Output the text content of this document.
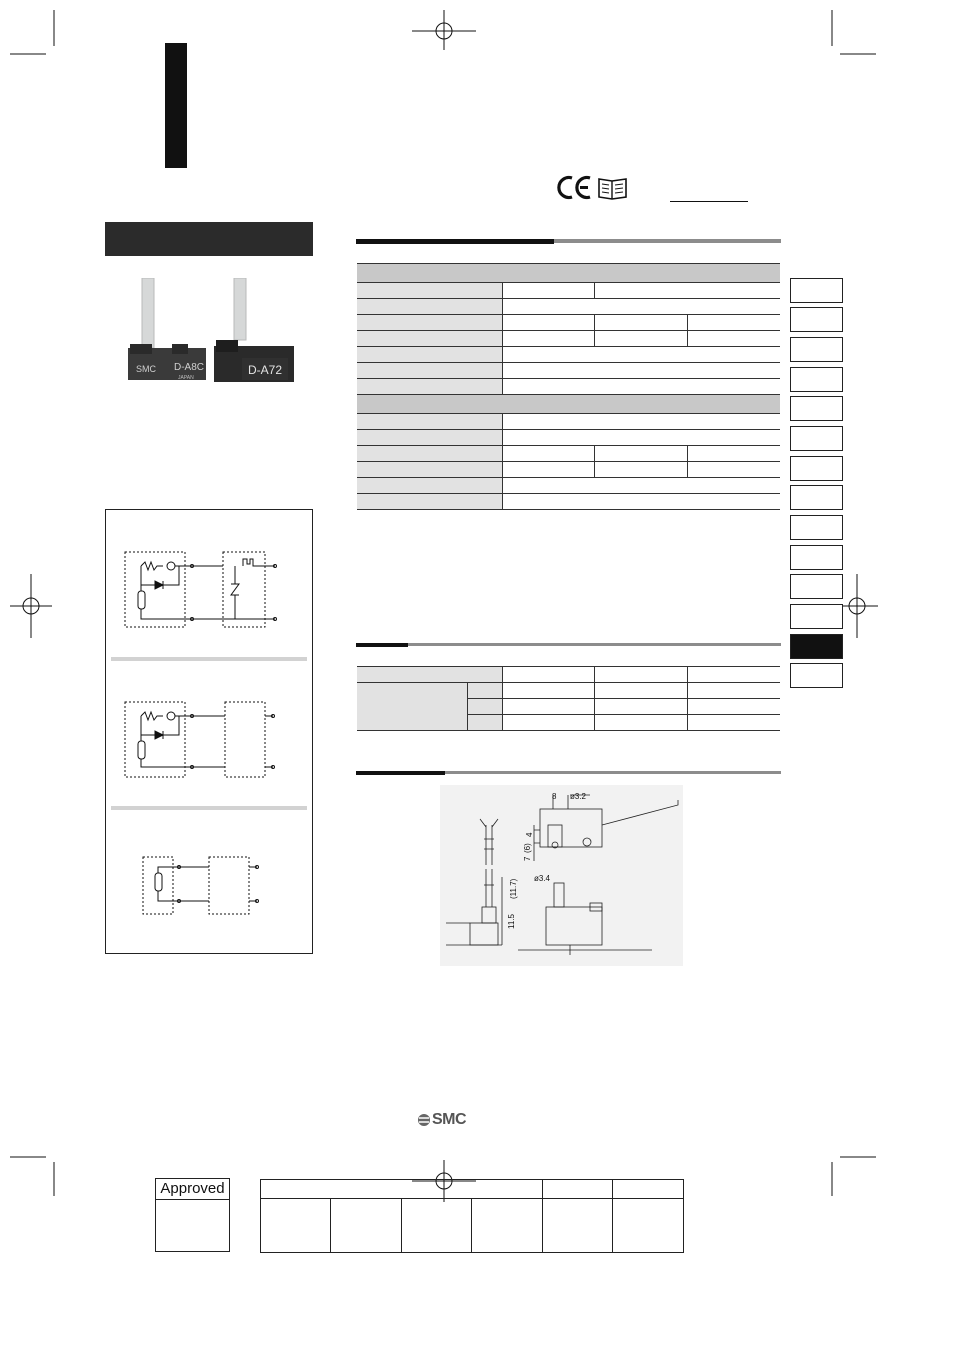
SMC D-A8C
JAPAN
D-A72

8 ø3.2
4
7
(6)
ø3.4
(11.7)
11.5
SMC
Approved
